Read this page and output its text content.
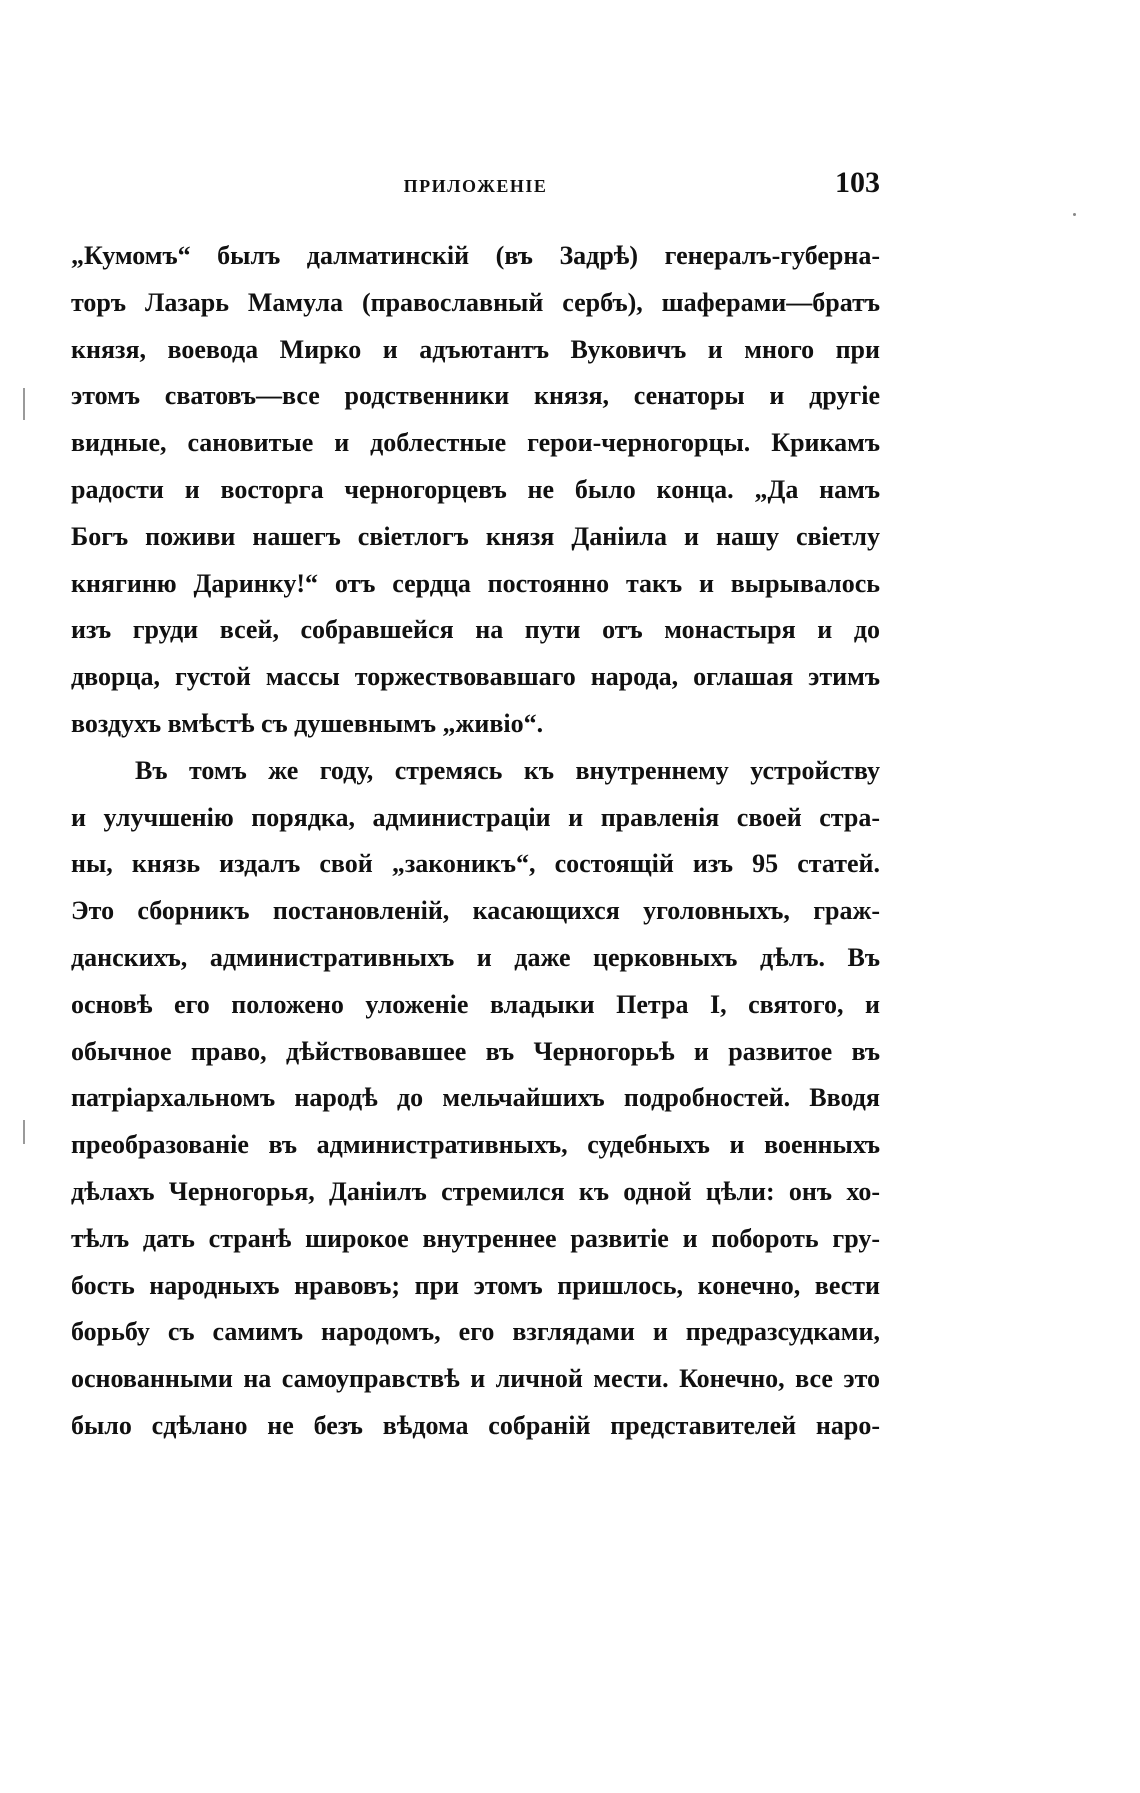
ПРИЛОЖЕНІЕ	103
„Кумомъ“ былъ далматинскій (въ Задрѣ) генералъ-губерна-
торъ Лазарь Мамула (православный сербъ), шаферами—братъ
князя, воевода Мирко и адъютантъ Вуковичъ и много при
этомъ сватовъ—все родственники князя, сенаторы и другіе
видные, сановитые и доблестные герои-черногорцы. Крикамъ
радости и восторга черногорцевъ не было конца. „Да намъ
Богъ поживи нашегъ свіетлогъ князя Даніила и нашу свіетлу
княгиню Даринку!“ отъ сердца постоянно такъ и вырывалось
изъ груди всей, собравшейся на пути отъ монастыря и до
дворца, густой массы торжествовавшаго народа, оглашая этимъ
воздухъ вмѣстѣ съ душевнымъ „живіо“.
Въ томъ же году, стремясь къ внутреннему устройству
и улучшенію порядка, администраціи и правленія своей стра-
ны, князь издалъ свой „законикъ“, состоящій изъ 95 статей.
Это сборникъ постановленій, касающихся уголовныхъ, граж-
данскихъ, административныхъ и даже церковныхъ дѣлъ. Въ
основѣ его положено уложеніе владыки Петра I, святого, и
обычное право, дѣйствовавшее въ Черногорьѣ и развитое въ
патріархальномъ народѣ до мельчайшихъ подробностей. Вводя
преобразованіе въ административныхъ, судебныхъ и военныхъ
дѣлахъ Черногорья, Даніилъ стремился къ одной цѣли: онъ хо-
тѣлъ дать странѣ широкое внутреннее развитіе и побороть гру-
бость народныхъ нравовъ; при этомъ пришлось, конечно, вести
борьбу съ самимъ народомъ, его взглядами и предразсудками,
основанными на самоуправствѣ и личной мести. Конечно, все это
было сдѣлано не безъ вѣдома собраній представителей наро-
